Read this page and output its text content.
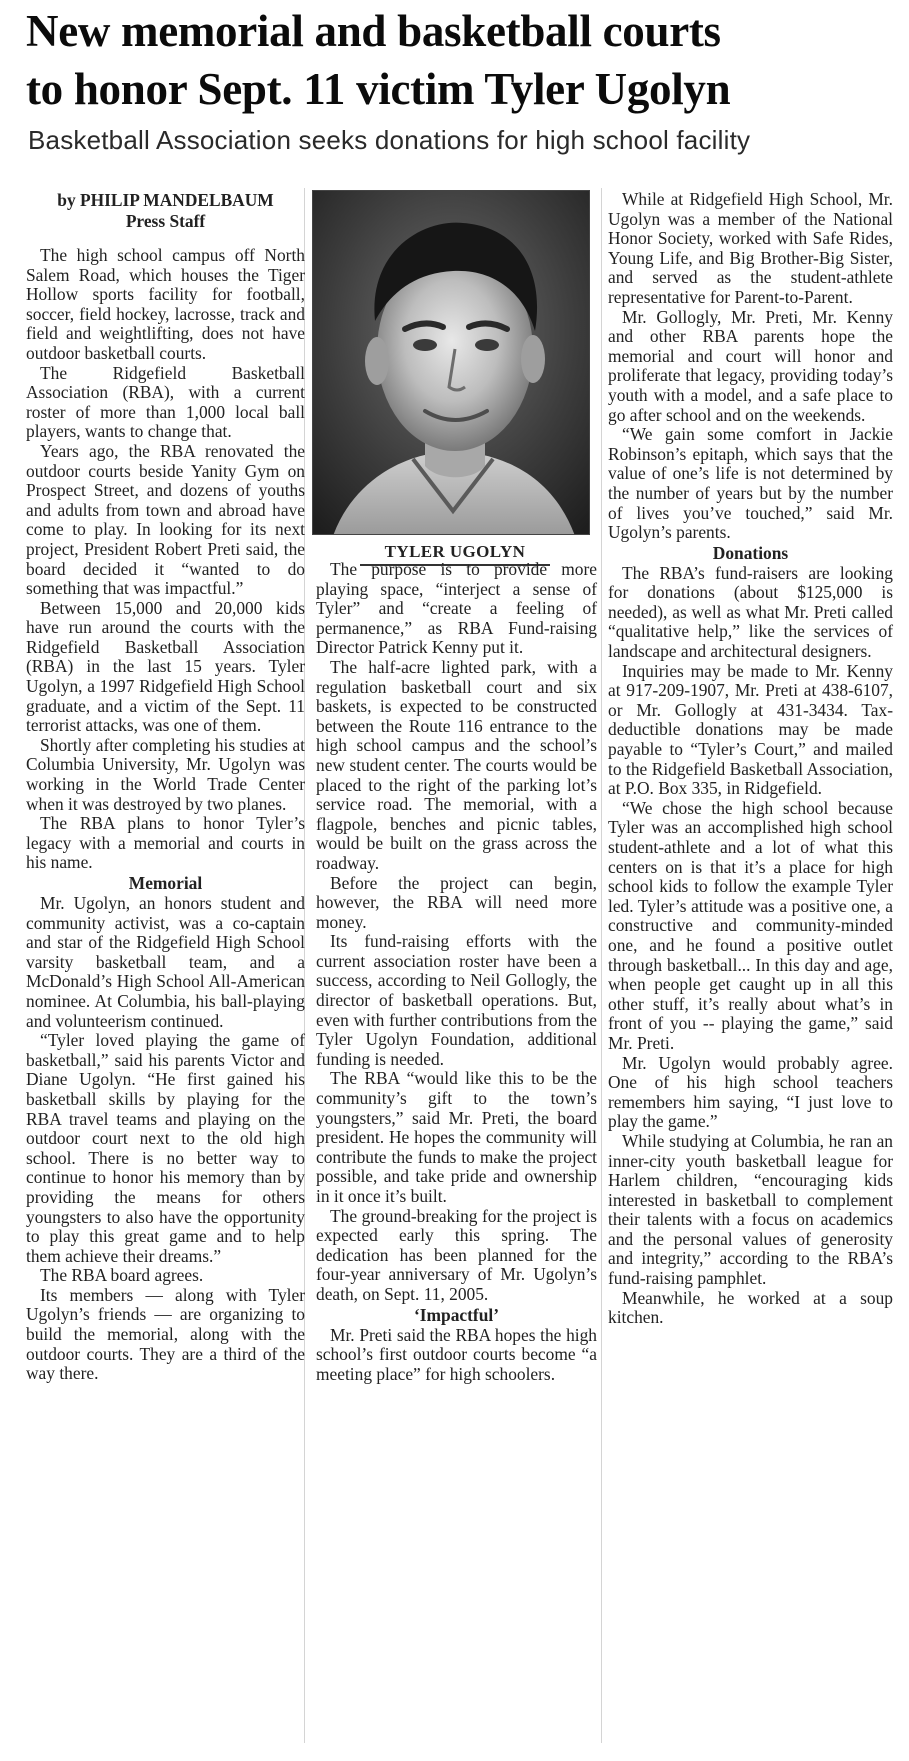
New memorial and basketball courts
to honor Sept. 11 victim Tyler Ugolyn
Basketball Association seeks donations for high school facility
by PHILIP MANDELBAUM
Press Staff

The high school campus off North Salem Road, which houses the Tiger Hollow sports facility for football, soccer, field hockey, lacrosse, track and field and weightlifting, does not have outdoor basketball courts.

The Ridgefield Basketball Association (RBA), with a current roster of more than 1,000 local ball players, wants to change that.

Years ago, the RBA renovated the outdoor courts beside Yanity Gym on Prospect Street, and dozens of youths and adults from town and abroad have come to play. In looking for its next project, President Robert Preti said, the board decided it “wanted to do something that was impactful.”

Between 15,000 and 20,000 kids have run around the courts with the Ridgefield Basketball Association (RBA) in the last 15 years. Tyler Ugolyn, a 1997 Ridgefield High School graduate, and a victim of the Sept. 11 terrorist attacks, was one of them.

Shortly after completing his studies at Columbia University, Mr. Ugolyn was working in the World Trade Center when it was destroyed by two planes.

The RBA plans to honor Tyler’s legacy with a memorial and courts in his name.

Memorial

Mr. Ugolyn, an honors student and community activist, was a co-captain and star of the Ridgefield High School varsity basketball team, and a McDonald’s High School All-American nominee. At Columbia, his ball-playing and volunteerism continued.

“Tyler loved playing the game of basketball,” said his parents Victor and Diane Ugolyn. “He first gained his basketball skills by playing for the RBA travel teams and playing on the outdoor court next to the old high school. There is no better way to continue to honor his memory than by providing the means for others youngsters to also have the opportunity to play this great game and to help them achieve their dreams.”

The RBA board agrees.

Its members — along with Tyler Ugolyn’s friends — are organizing to build the memorial, along with the outdoor courts. They are a third of the way there.

TYLER UGOLYN

The purpose is to provide more playing space, “interject a sense of Tyler” and “create a feeling of permanence,” as RBA Fund-raising Director Patrick Kenny put it.

The half-acre lighted park, with a regulation basketball court and six baskets, is expected to be constructed between the Route 116 entrance to the high school campus and the school’s new student center. The courts would be placed to the right of the parking lot’s service road. The memorial, with a flagpole, benches and picnic tables, would be built on the grass across the roadway.

Before the project can begin, however, the RBA will need more money.

Its fund-raising efforts with the current association roster have been a success, according to Neil Gollogly, the director of basketball operations. But, even with further contributions from the Tyler Ugolyn Foundation, additional funding is needed.

The RBA “would like this to be the community’s gift to the town’s youngsters,” said Mr. Preti, the board president. He hopes the community will contribute the funds to make the project possible, and take pride and ownership in it once it’s built.

The ground-breaking for the project is expected early this spring. The dedication has been planned for the four-year anniversary of Mr. Ugolyn’s death, on Sept. 11, 2005.

‘Impactful’

Mr. Preti said the RBA hopes the high school’s first outdoor courts become “a meeting place” for high schoolers.

While at Ridgefield High School, Mr. Ugolyn was a member of the National Honor Society, worked with Safe Rides, Young Life, and Big Brother-Big Sister, and served as the student-athlete representative for Parent-to-Parent.

Mr. Gollogly, Mr. Preti, Mr. Kenny and other RBA parents hope the memorial and court will honor and proliferate that legacy, providing today’s youth with a model, and a safe place to go after school and on the weekends.

“We gain some comfort in Jackie Robinson’s epitaph, which says that the value of one’s life is not determined by the number of years but by the number of lives you’ve touched,” said Mr. Ugolyn’s parents.

Donations

The RBA’s fund-raisers are looking for donations (about $125,000 is needed), as well as what Mr. Preti called “qualitative help,” like the services of landscape and architectural designers.

Inquiries may be made to Mr. Kenny at 917-209-1907, Mr. Preti at 438-6107, or Mr. Gollogly at 431-3434. Tax-deductible donations may be made payable to “Tyler’s Court,” and mailed to the Ridgefield Basketball Association, at P.O. Box 335, in Ridgefield.

“We chose the high school because Tyler was an accomplished high school student-athlete and a lot of what this centers on is that it’s a place for high school kids to follow the example Tyler led. Tyler’s attitude was a positive one, a constructive and community-minded one, and he found a positive outlet through basketball... In this day and age, when people get caught up in all this other stuff, it’s really about what’s in front of you -- playing the game,” said Mr. Preti.

Mr. Ugolyn would probably agree. One of his high school teachers remembers him saying, “I just love to play the game.”

While studying at Columbia, he ran an inner-city youth basketball league for Harlem children, “encouraging kids interested in basketball to complement their talents with a focus on academics and the personal values of generosity and integrity,” according to the RBA’s fund-raising pamphlet.

Meanwhile, he worked at a soup kitchen.
